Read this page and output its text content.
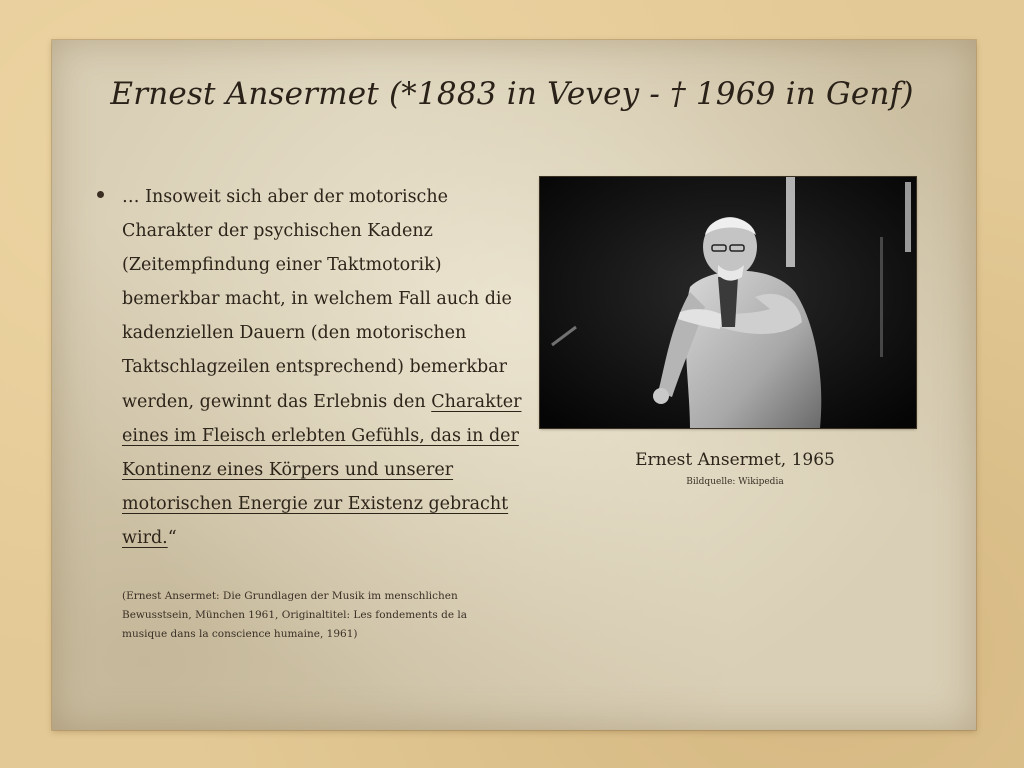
Ernest Ansermet (*1883 in Vevey - † 1969 in Genf)

… Insoweit sich aber der motorische Charakter der psychischen Kadenz (Zeitempfindung einer Taktmotorik) bemerkbar macht, in welchem Fall auch die kadenziellen Dauern (den motorischen Taktschlagzeilen entsprechend) bemerkbar werden, gewinnt das Erlebnis den Charakter eines im Fleisch erlebten Gefühls, das in der Kontinenz eines Körpers und unserer motorischen Energie zur Existenz gebracht wird.“

(Ernest Ansermet: Die Grundlagen der Musik im menschlichen Bewusstsein, München 1961, Originaltitel: Les fondements de la musique dans la conscience humaine, 1961)

Ernest Ansermet, 1965
Bildquelle: Wikipedia
